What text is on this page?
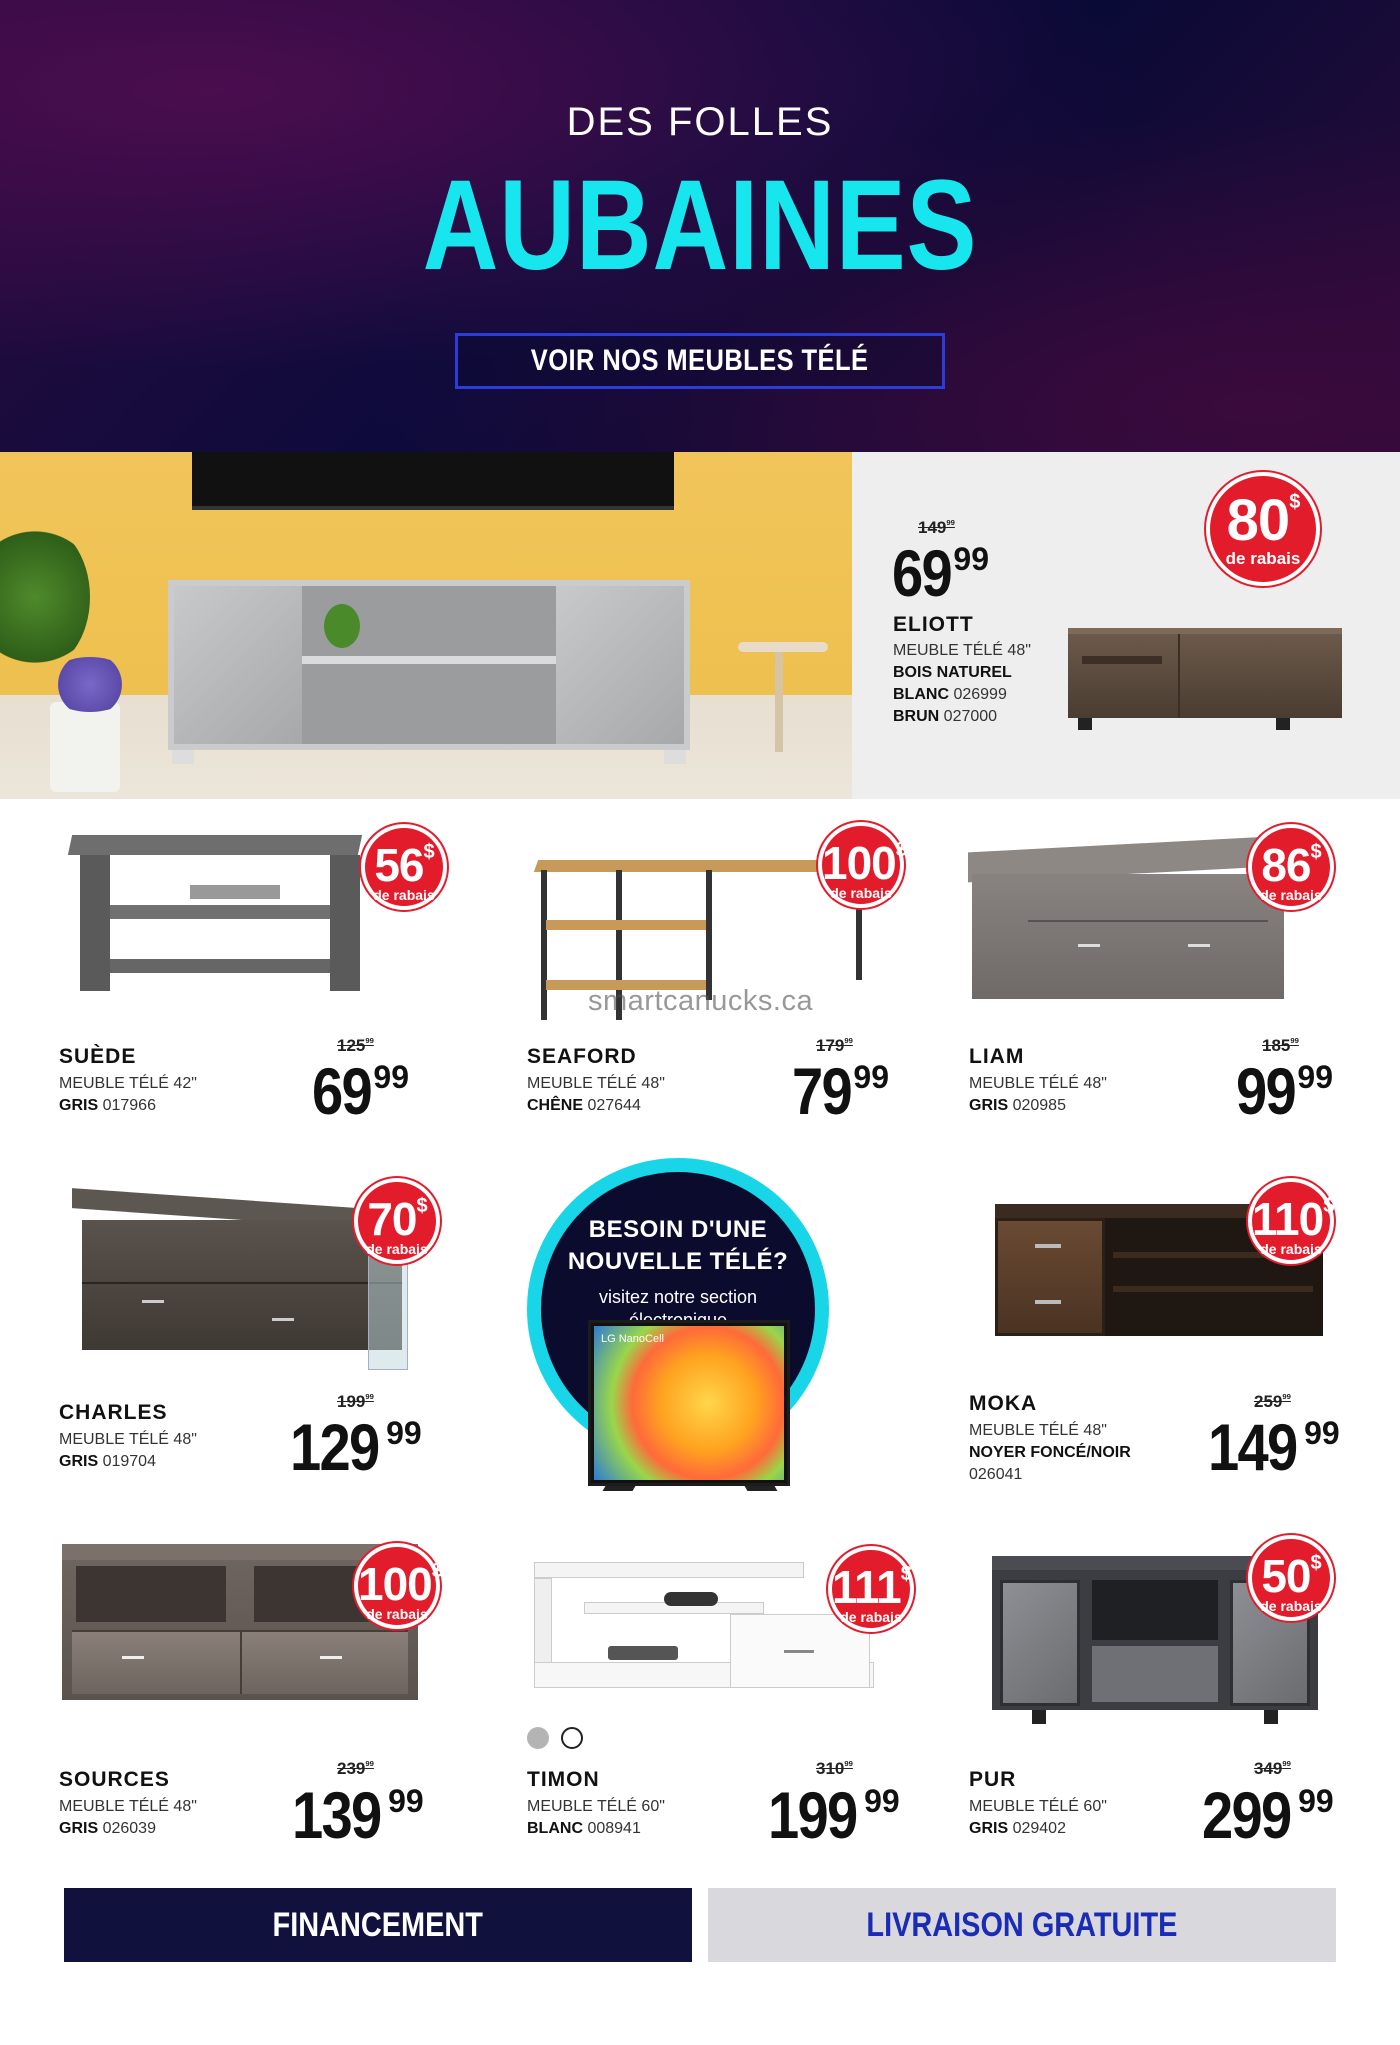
DES FOLLES
AUBAINES
VOIR NOS MEUBLES TÉLÉ
$149^{99}$
6999
ELIOTT
MEUBLE TÉLÉ 48"
BOIS NATUREL
BLANC 026999
BRUN 027000
80$
de rabais
56$
de rabais
SUÈDE
MEUBLE TÉLÉ 42"
GRIS 017966
$125^{99}$
6999
100$
de rabais
smartcanucks.ca
SEAFORD
MEUBLE TÉLÉ 48"
CHÊNE 027644
$179^{99}$
7999
86$
de rabais
LIAM
MEUBLE TÉLÉ 48"
GRIS 020985
$185^{99}$
9999
70$
de rabais
CHARLES
MEUBLE TÉLÉ 48"
GRIS 019704
$199^{99}$
129 99
BESOIN D'UNE
NOUVELLE TÉLÉ?
visitez notre section
LG NanoCell
110$
de rabais
MOKA
MEUBLE TÉLÉ 48"
NOYER FONCÉ/NOIR
026041
$259^{99}$
149 99
100$
de rabais
SOURCES
MEUBLE TÉLÉ 48"
GRIS 026039
$239^{99}$
139 99
111$
de rabais
TIMON
MEUBLE TÉLÉ 60"
BLANC 008941
$310^{99}$
199 99
50$
de rabais
PUR
MEUBLE TÉLÉ 60"
GRIS 029402
$349^{99}$
299 99
FINANCEMENT	LIVRAISON GRATUITE
